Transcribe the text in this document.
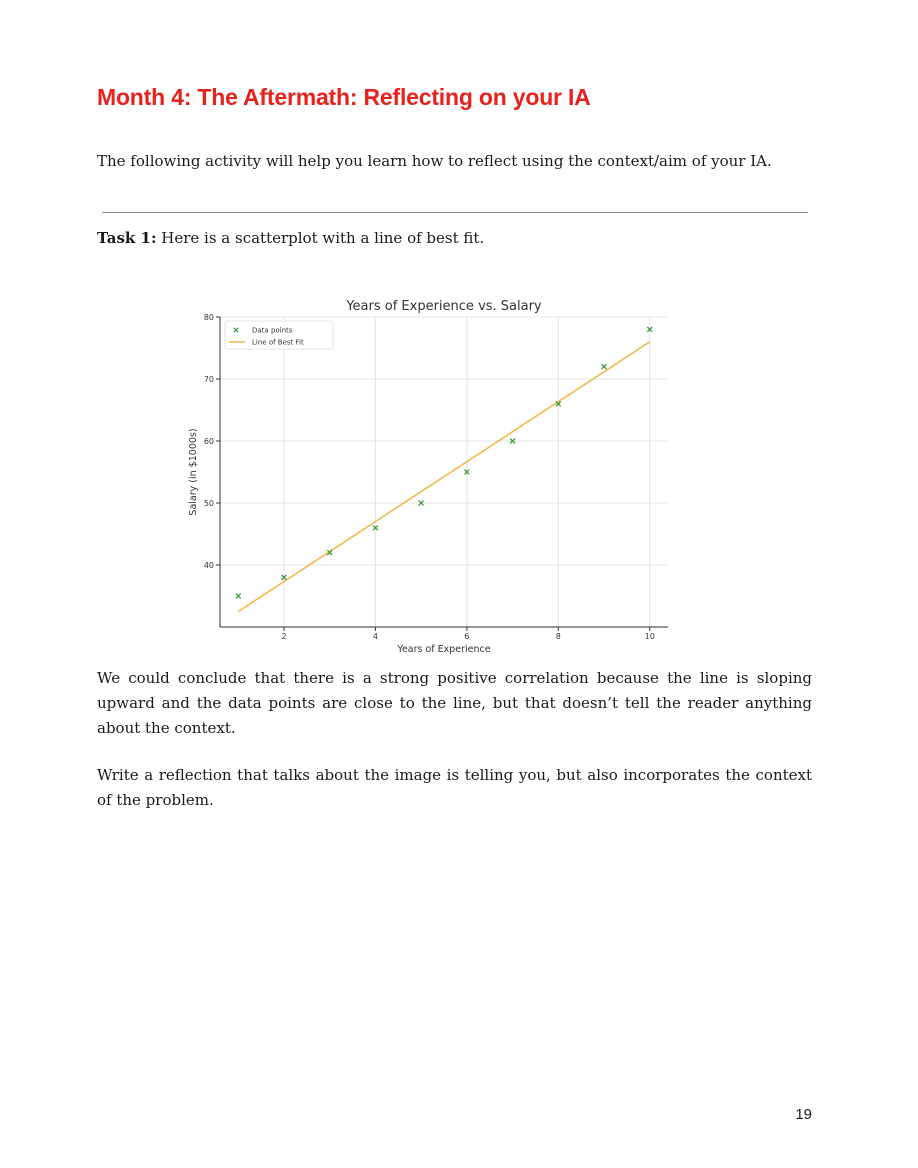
Month 4: The Aftermath: Reflecting on your IA

The following activity will help you learn how to reflect using the context/aim of your IA.

Task 1: Here is a scatterplot with a line of best fit.

2	4	6	8	10
40
50
60
70
80
Years of Experience vs. Salary
Years of Experience
Salary (in $1000s)
Data points
Line of Best Fit

We could conclude that there is a strong positive correlation because the line is sloping upward and the data points are close to the line, but that doesn’t tell the reader anything about the context.

Write a reflection that talks about the image is telling you, but also incorporates the context of the problem.

19
